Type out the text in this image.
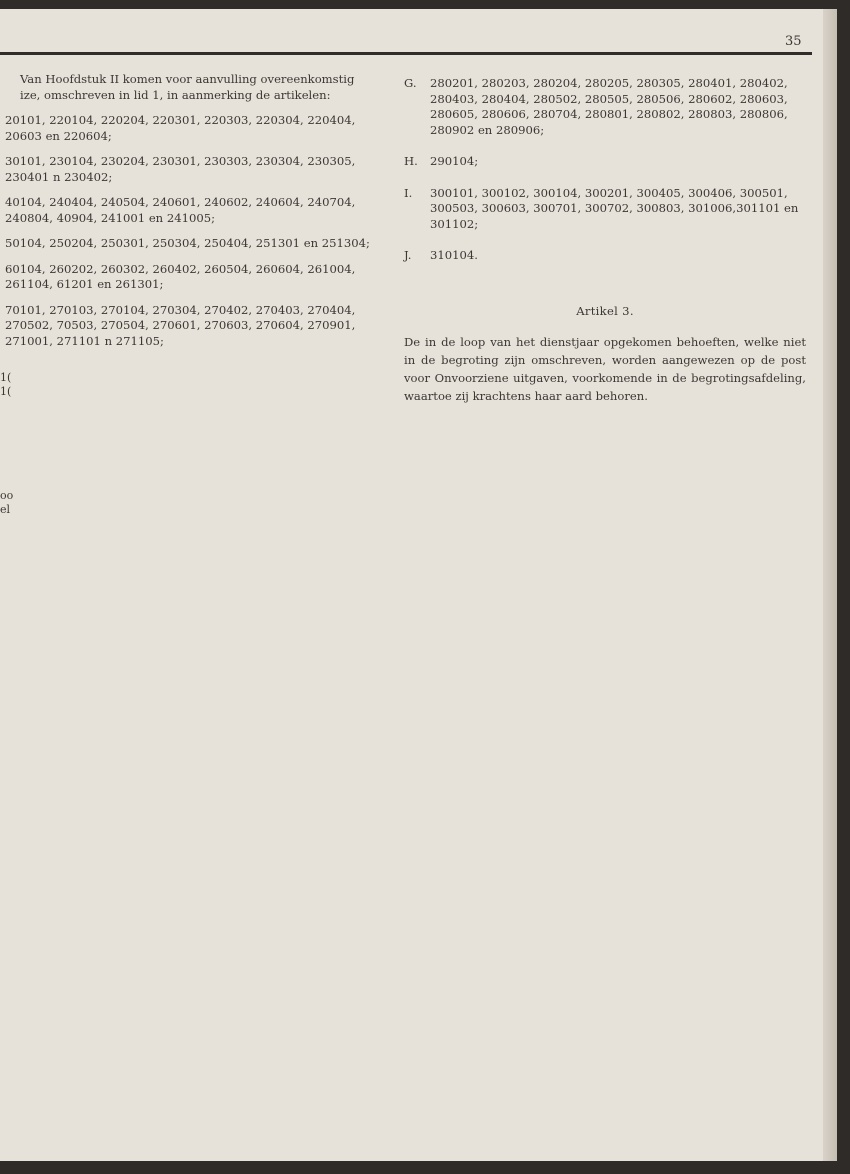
35

Van Hoofdstuk II komen voor aanvulling overeenkomstig ize, omschreven in lid 1, in aanmerking de artikelen:

20101, 220104, 220204, 220301, 220303, 220304, 220404, 20603 en 220604;

30101, 230104, 230204, 230301, 230303, 230304, 230305, 230401 n 230402;

40104, 240404, 240504, 240601, 240602, 240604, 240704, 240804, 40904, 241001 en 241005;

50104, 250204, 250301, 250304, 250404, 251301 en 251304;

60104, 260202, 260302, 260402, 260504, 260604, 261004, 261104, 61201 en 261301;

70101, 270103, 270104, 270304, 270402, 270403, 270404, 270502, 70503, 270504, 270601, 270603, 270604, 270901, 271001, 271101 n 271105;

1(
1(
oo
el
G.	280201, 280203, 280204, 280205, 280305, 280401, 280402, 280403, 280404, 280502, 280505, 280506, 280602, 280603, 280605, 280606, 280704, 280801, 280802, 280803, 280806, 280902 en 280906;
H.	290104;
I.	300101, 300102, 300104, 300201, 300405, 300406, 300501, 300503, 300603, 300701, 300702, 300803, 301006,301101 en 301102;
J.	310104.
Artikel 3.

De in de loop van het dienstjaar opgekomen behoeften, welke niet in de begroting zijn omschreven, worden aangewezen op de post voor Onvoorziene uitgaven, voorkomende in de begrotingsafdeling, waartoe zij krachtens haar aard behoren.
